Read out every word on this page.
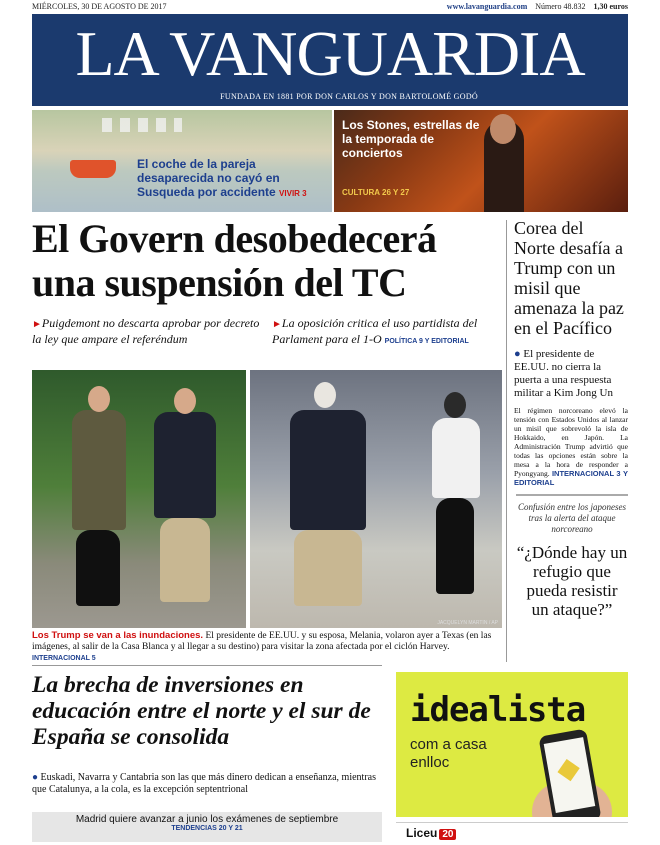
MIÉRCOLES, 30 DE AGOSTO DE 2017	www.lavanguardia.com Número 48.832 1,30 euros
LA VANGUARDIA
FUNDADA EN 1881 POR DON CARLOS Y DON BARTOLOMÉ GODÓ
El coche de la pareja desaparecida no cayó en Susqueda por accidente VIVIR 3
Los Stones, estrellas de la temporada de conciertos
CULTURA 26 Y 27
El Govern desobedecerá una suspensión del TC
►Puigdemont no descarta aprobar por decreto la ley que ampare el referéndum
►La oposición critica el uso partidista del Parlament para el 1-O POLÍTICA 9 Y EDITORIAL
JACQUELYN MARTIN / AP
Los Trump se van a las inundaciones. El presidente de EE.UU. y su esposa, Melania, volaron ayer a Texas (en las imágenes, al salir de la Casa Blanca y al llegar a su destino) para visitar la zona afectada por el ciclón Harvey. INTERNACIONAL 5
Corea del Norte desafía a Trump con un misil que amenaza la paz en el Pacífico
● El presidente de EE.UU. no cierra la puerta a una respuesta militar a Kim Jong Un
El régimen norcoreano elevó la tensión con Estados Unidos al lanzar un misil que sobrevoló la isla de Hokkaido, en Japón. La Administración Trump advirtió que todas las opciones están sobre la mesa a la hora de responder a Pyongyang. INTERNACIONAL 3 Y EDITORIAL
Confusión entre los japoneses tras la alerta del ataque norcoreano
“¿Dónde hay un refugio que pueda resistir un ataque?”
La brecha de inversiones en educación entre el norte y el sur de España se consolida
● Euskadi, Navarra y Cantabria son las que más dinero dedican a enseñanza, mientras que Catalunya, a la cola, es la excepción septentrional
Madrid quiere avanzar a junio los exámenes de septiembre
TENDENCIAS 20 Y 21
idealista
com a casa
enlloc
Liceu 20
